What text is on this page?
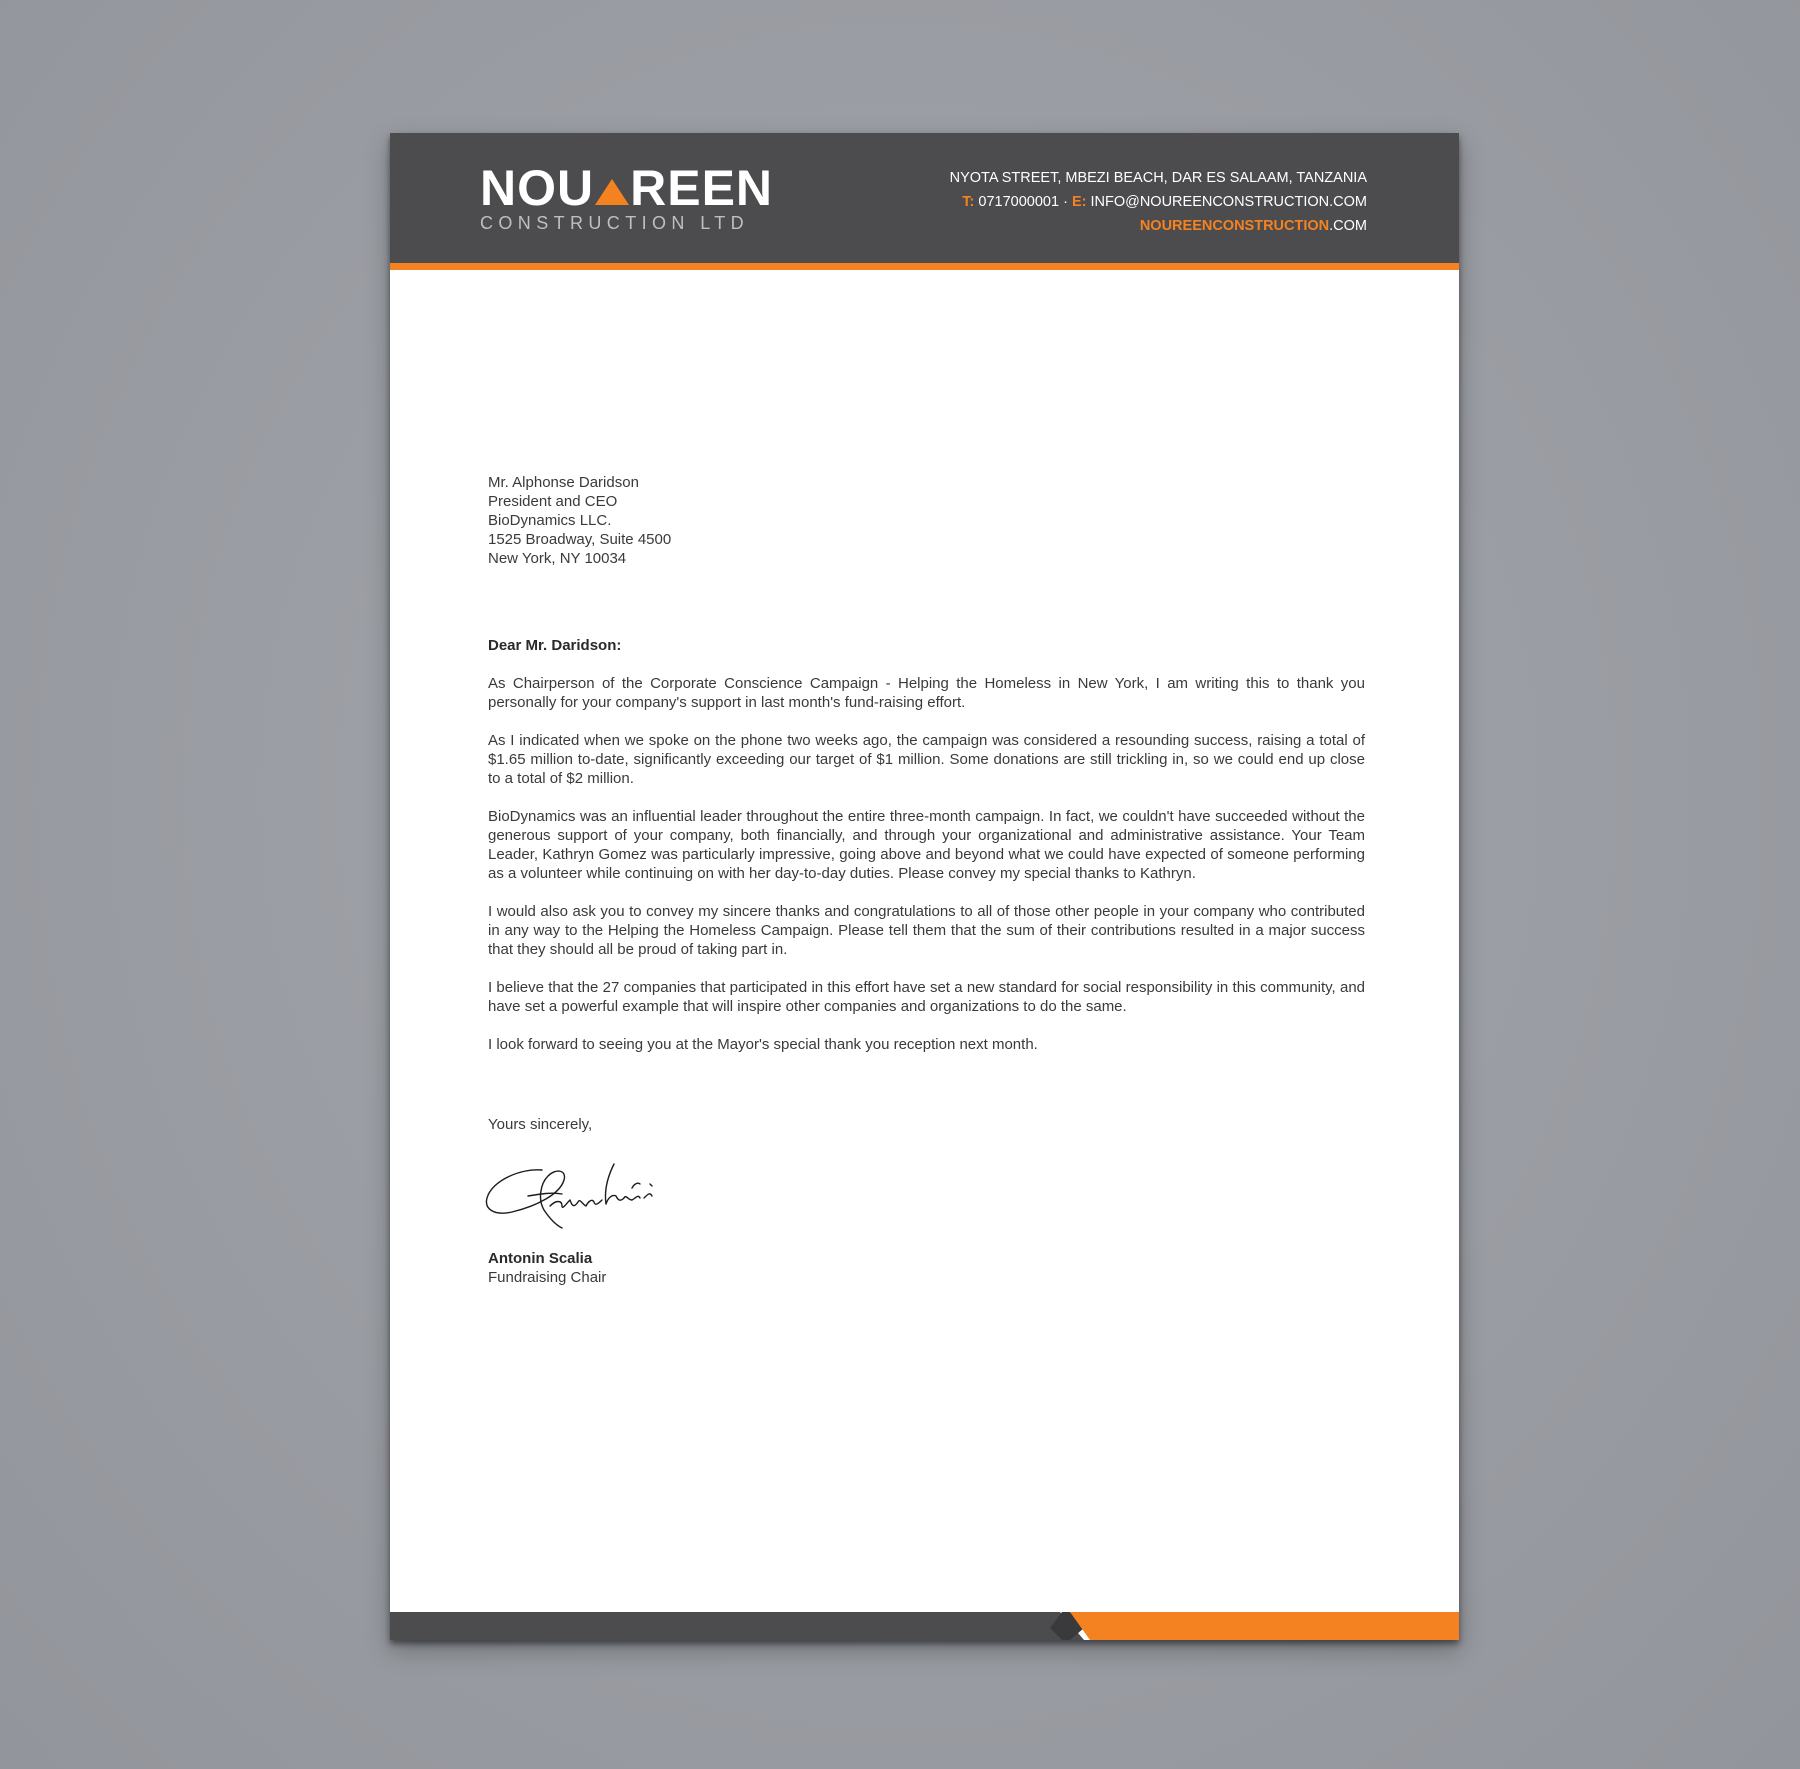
NOU REEN
CONSTRUCTION LTD
NYOTA STREET, MBEZI BEACH, DAR ES SALAAM, TANZANIA
T: 0717000001 · E: INFO@NOUREENCONSTRUCTION.COM
NOUREENCONSTRUCTION.COM
Mr. Alphonse Daridson
President and CEO
BioDynamics LLC.
1525 Broadway, Suite 4500
New York, NY 10034
Dear Mr. Daridson:

As Chairperson of the Corporate Conscience Campaign - Helping the Homeless in New York, I am writing this to thank you personally for your company's support in last month's fund-raising effort.

As I indicated when we spoke on the phone two weeks ago, the campaign was considered a resounding success, raising a total of $1.65 million to-date, significantly exceeding our target of $1 million. Some donations are still trickling in, so we could end up close to a total of $2 million.

BioDynamics was an influential leader throughout the entire three-month campaign. In fact, we couldn't have succeeded without the generous support of your company, both financially, and through your organizational and administrative assistance. Your Team Leader, Kathryn Gomez was particularly impressive, going above and beyond what we could have expected of someone performing as a volunteer while continuing on with her day-to-day duties. Please convey my special thanks to Kathryn.

I would also ask you to convey my sincere thanks and congratulations to all of those other people in your company who contributed in any way to the Helping the Homeless Campaign. Please tell them that the sum of their contributions resulted in a major success that they should all be proud of taking part in.

I believe that the 27 companies that participated in this effort have set a new standard for social responsibility in this community, and have set a powerful example that will inspire other companies and organizations to do the same.

I look forward to seeing you at the Mayor's special thank you reception next month.

Yours sincerely,
Antonin Scalia
Fundraising Chair
